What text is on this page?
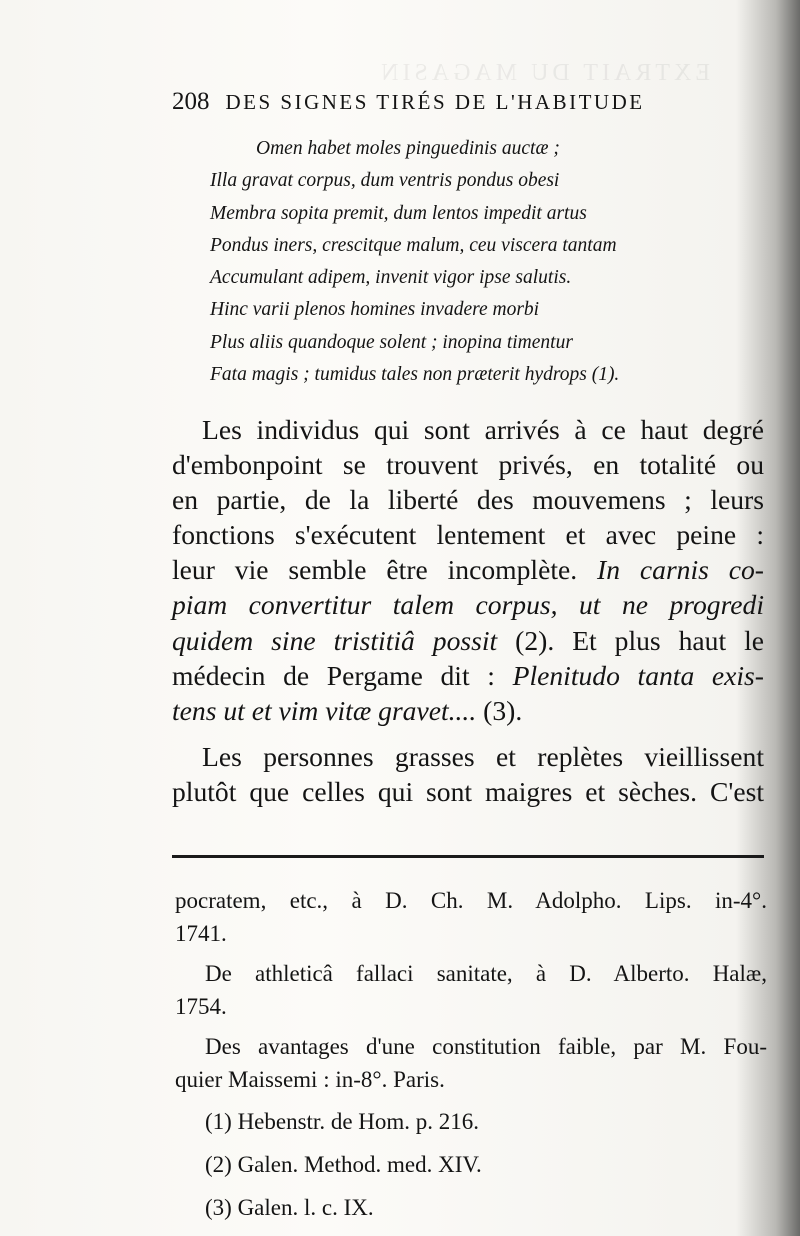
EXTRAIT DU MAGASIN
208 DES SIGNES TIRÉS DE L'HABITUDE
Omen habet moles pinguedinis auctæ ;
Illa gravat corpus, dum ventris pondus obesi
Membra sopita premit, dum lentos impedit artus
Pondus iners, crescitque malum, ceu viscera tantam
Accumulant adipem, invenit vigor ipse salutis.
Hinc varii plenos homines invadere morbi
Plus aliis quandoque solent ; inopina timentur
Fata magis ; tumidus tales non præterit hydrops (1).

Les individus qui sont arrivés à ce haut degré
d'embonpoint se trouvent privés, en totalité ou
en partie, de la liberté des mouvemens ; leurs
fonctions s'exécutent lentement et avec peine :
leur vie semble être incomplète. In carnis co-
piam convertitur talem corpus, ut ne progredi
quidem sine tristitiâ possit (2). Et plus haut le
médecin de Pergame dit : Plenitudo tanta exis-
tens ut et vim vitæ gravet.... (3).

Les personnes grasses et replètes vieillissent
plutôt que celles qui sont maigres et sèches. C'est

pocratem, etc., à D. Ch. M. Adolpho. Lips. in-4°.
1741.
De athleticâ fallaci sanitate, à D. Alberto. Halæ,
1754.
Des avantages d'une constitution faible, par M. Fou-
quier Maissemi : in-8°. Paris.
(1) Hebenstr. de Hom. p. 216.
(2) Galen. Method. med. XIV.
(3) Galen. l. c. IX.
